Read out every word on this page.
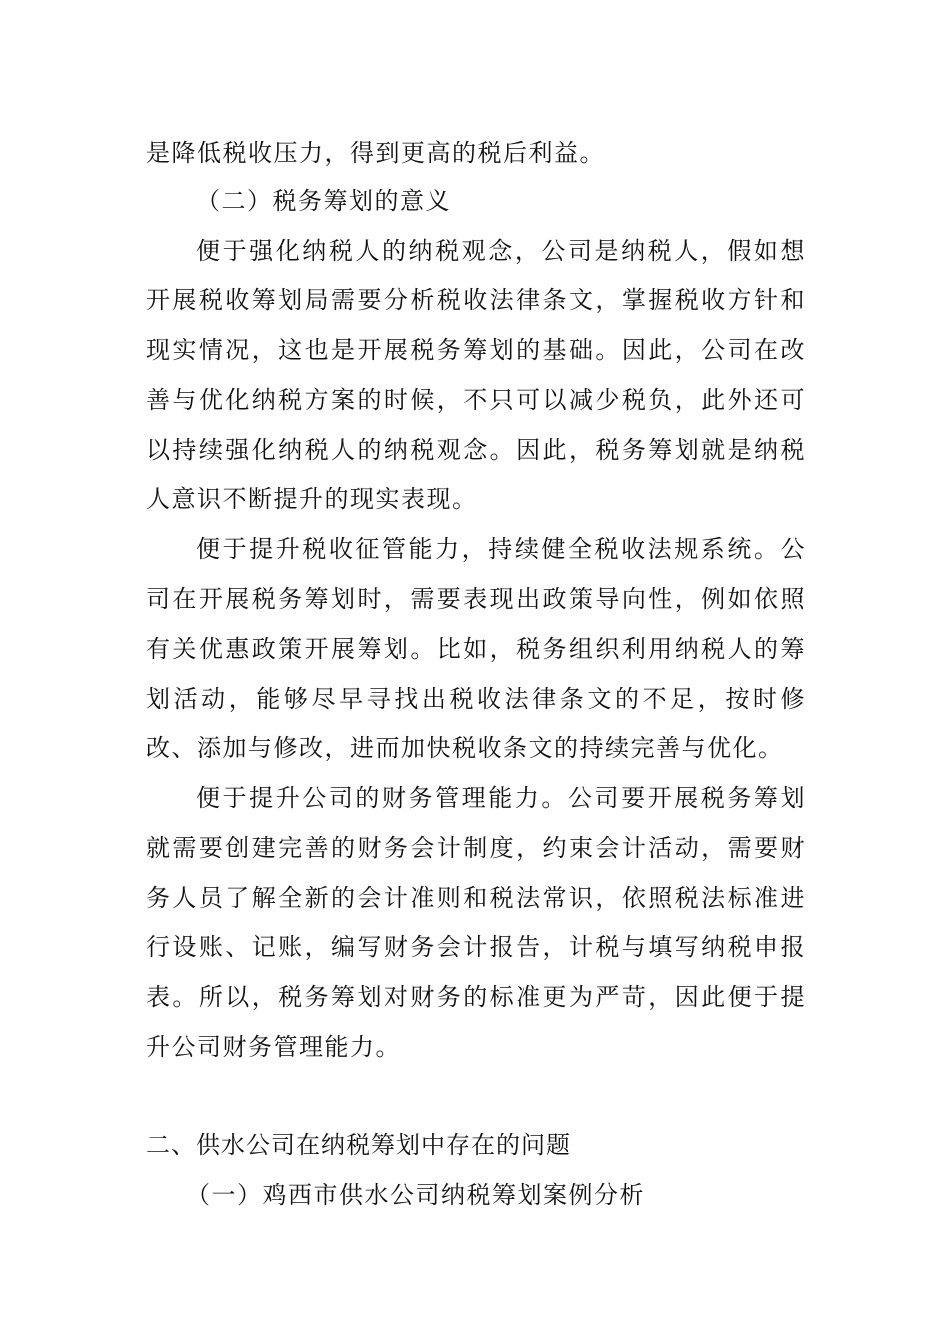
是降低税收压力，得到更高的税后利益。
（二）税务筹划的意义
便于强化纳税人的纳税观念，公司是纳税人，假如想
开展税收筹划局需要分析税收法律条文，掌握税收方针和
现实情况，这也是开展税务筹划的基础。因此，公司在改
善与优化纳税方案的时候，不只可以减少税负，此外还可
以持续强化纳税人的纳税观念。因此，税务筹划就是纳税
人意识不断提升的现实表现。
便于提升税收征管能力，持续健全税收法规系统。公
司在开展税务筹划时，需要表现出政策导向性，例如依照
有关优惠政策开展筹划。比如，税务组织利用纳税人的筹
划活动，能够尽早寻找出税收法律条文的不足，按时修
改、添加与修改，进而加快税收条文的持续完善与优化。
便于提升公司的财务管理能力。公司要开展税务筹划
就需要创建完善的财务会计制度，约束会计活动，需要财
务人员了解全新的会计准则和税法常识，依照税法标准进
行设账、记账，编写财务会计报告，计税与填写纳税申报
表。所以，税务筹划对财务的标准更为严苛，因此便于提
升公司财务管理能力。
二、供水公司在纳税筹划中存在的问题
（一）鸡西市供水公司纳税筹划案例分析
